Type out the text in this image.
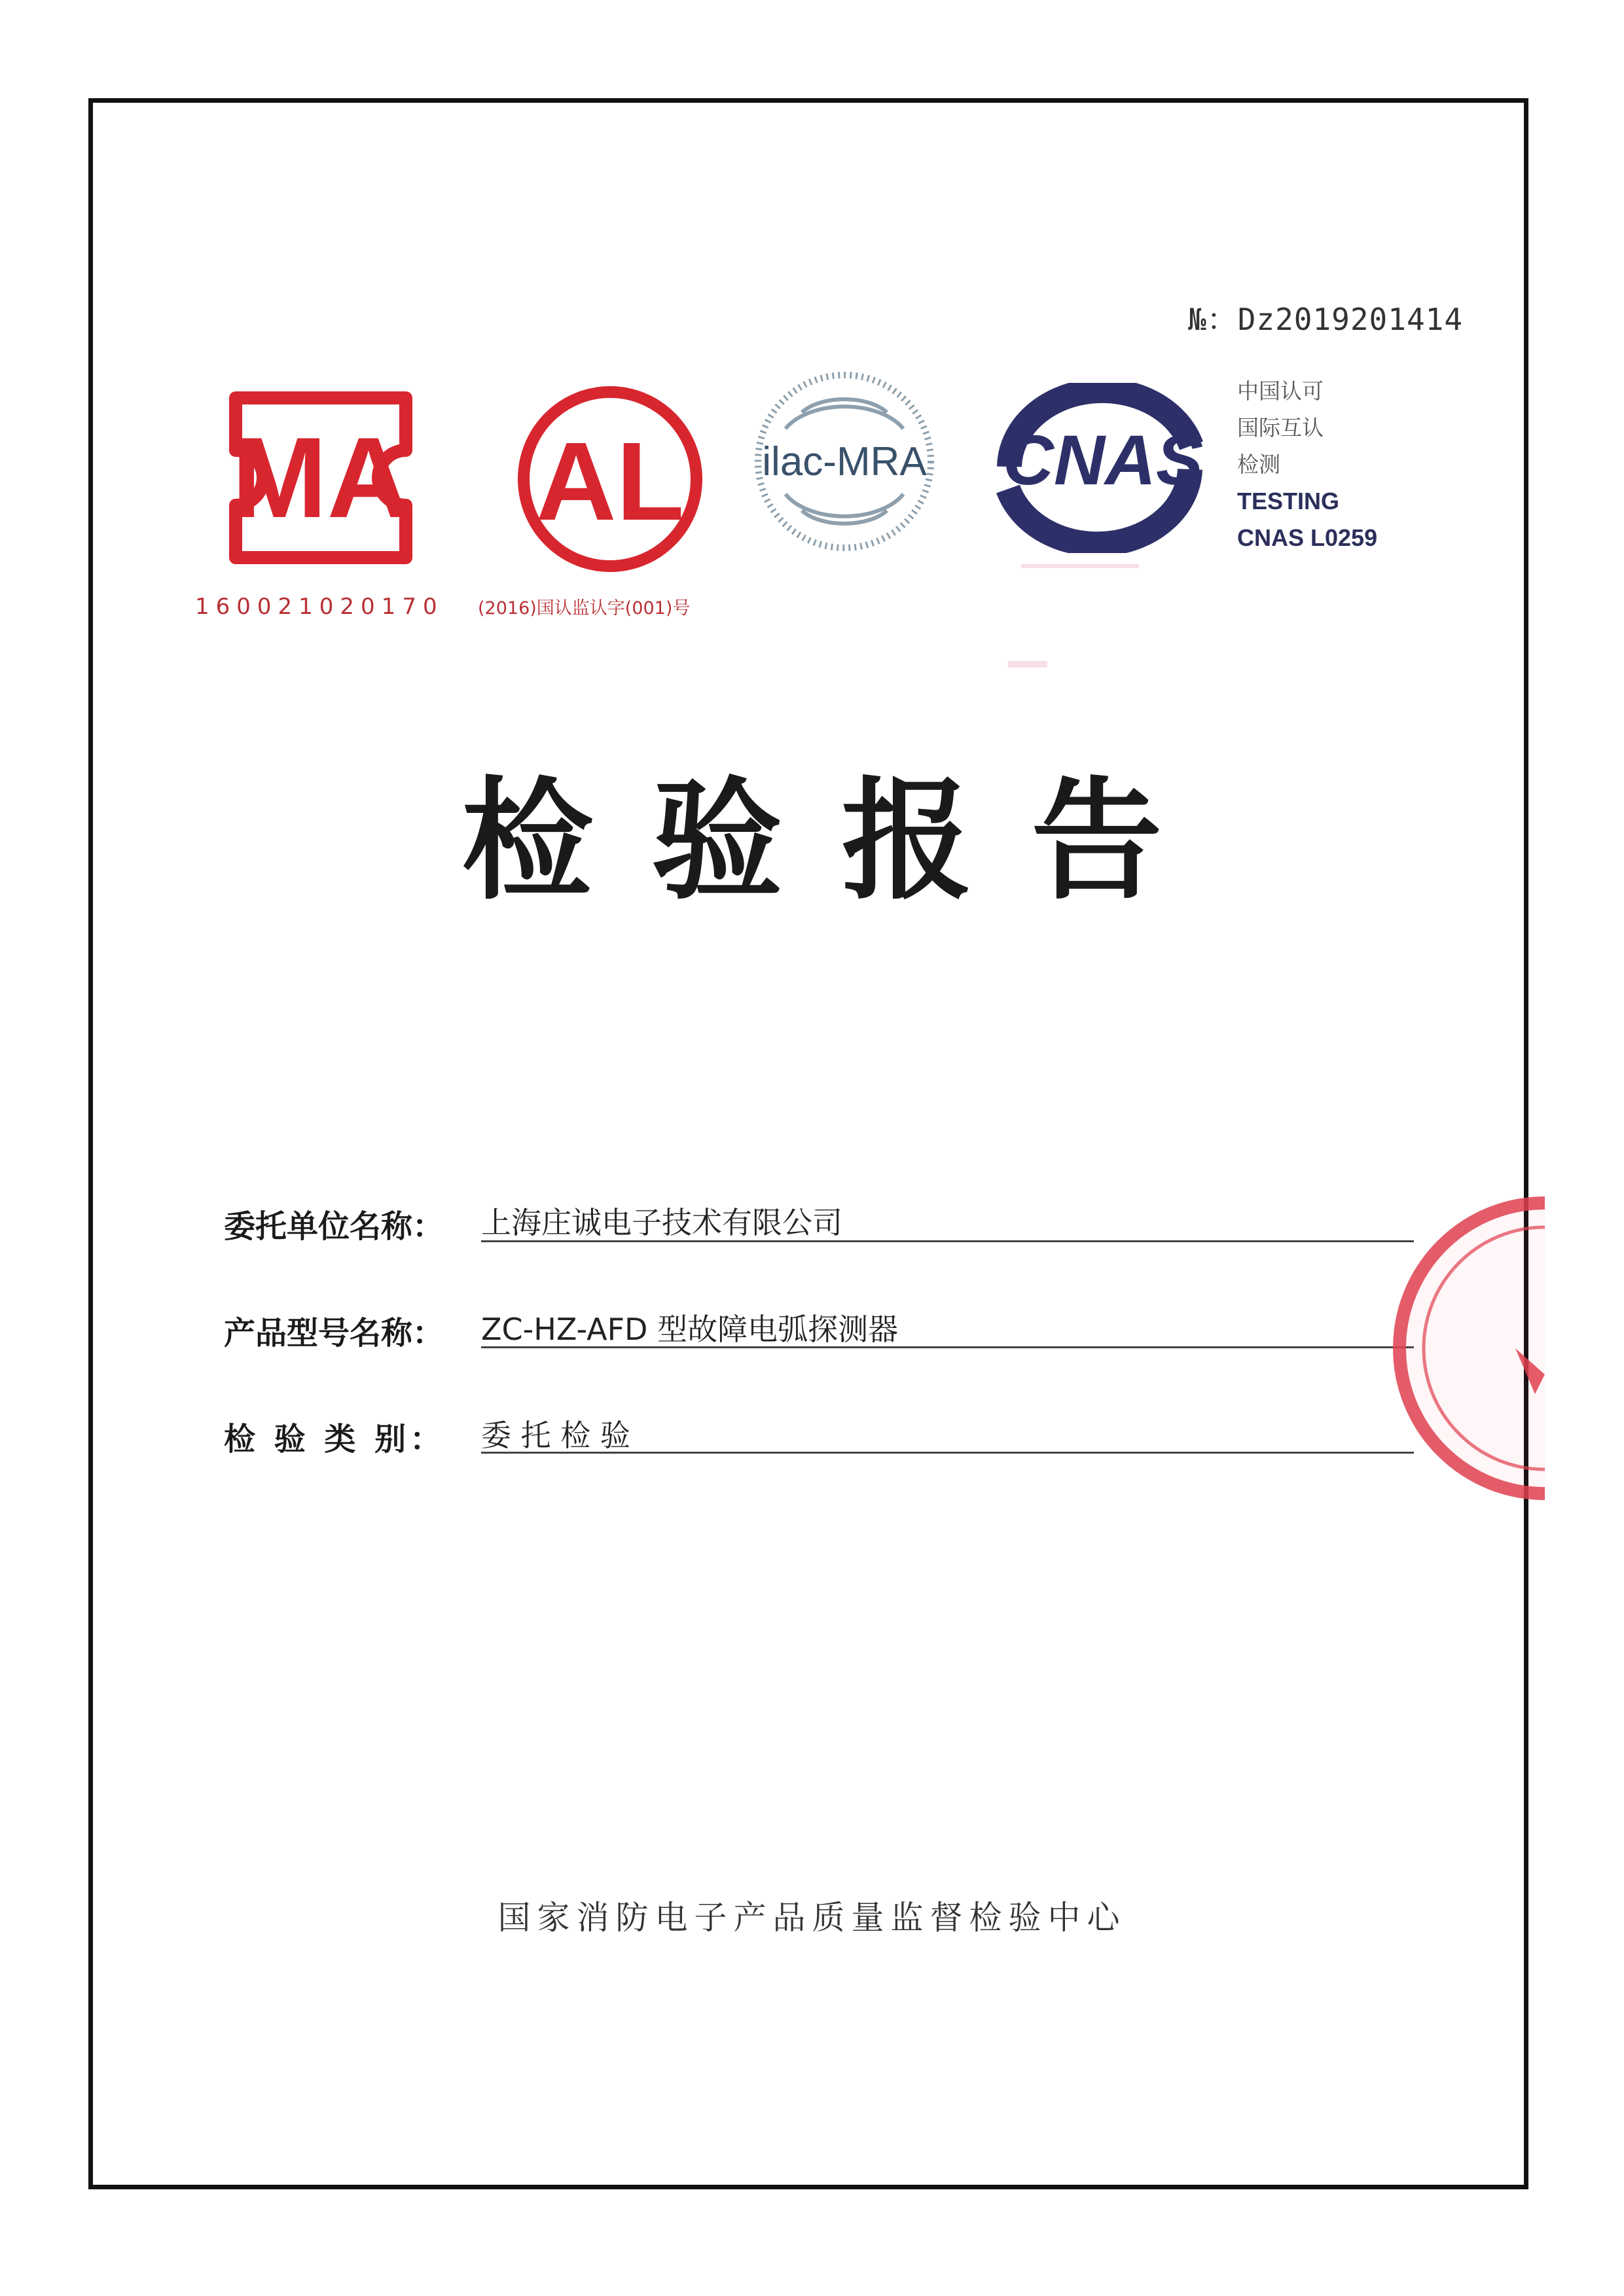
№：Dz2019201414
MA
160021020170
AL
(2016)国认监认字(001)号
ilac-MRA CNAS
中国认可
国际互认
检测
TESTING
CNAS L0259
检验报告
委托单位名称： 上海庄诚电子技术有限公司
产品型号名称： ZC-HZ-AFD 型故障电弧探测器
检 验 类 别： 委 托 检 验
国家消防电子产品质量监督检验中心
